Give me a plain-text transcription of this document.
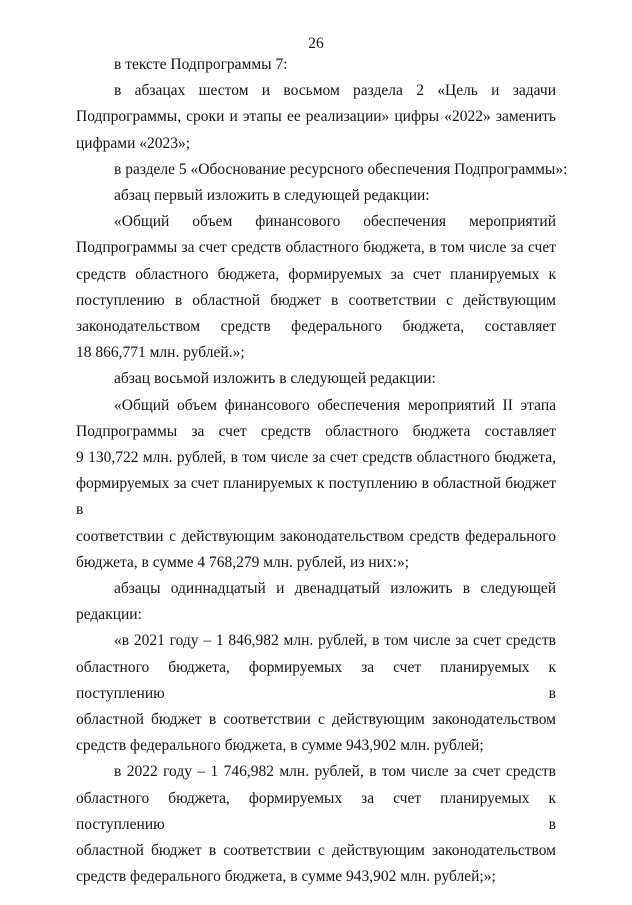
26
в тексте Подпрограммы 7:
в абзацах шестом и восьмом раздела 2 «Цель и задачи
Подпрограммы, сроки и этапы ее реализации» цифры «2022» заменить
цифрами «2023»;
в разделе 5 «Обоснование ресурсного обеспечения Подпрограммы»:
абзац первый изложить в следующей редакции:
«Общий объем финансового обеспечения мероприятий
Подпрограммы за счет средств областного бюджета, в том числе за счет
средств областного бюджета, формируемых за счет планируемых к
поступлению в областной бюджет в соответствии с действующим
законодательством средств федерального бюджета, составляет
18 866,771 млн. рублей.»;
абзац восьмой изложить в следующей редакции:
«Общий объем финансового обеспечения мероприятий II этапа
Подпрограммы за счет средств областного бюджета составляет
9 130,722 млн. рублей, в том числе за счет средств областного бюджета,
формируемых за счет планируемых к поступлению в областной бюджет в
соответствии с действующим законодательством средств федерального
бюджета, в сумме 4 768,279 млн. рублей, из них:»;
абзацы одиннадцатый и двенадцатый изложить в следующей
редакции:
«в 2021 году – 1 846,982 млн. рублей, в том числе за счет средств
областного бюджета, формируемых за счет планируемых к поступлению в
областной бюджет в соответствии с действующим законодательством
средств федерального бюджета, в сумме 943,902 млн. рублей;
в 2022 году – 1 746,982 млн. рублей, в том числе за счет средств
областного бюджета, формируемых за счет планируемых к поступлению в
областной бюджет в соответствии с действующим законодательством
средств федерального бюджета, в сумме 943,902 млн. рублей;»;
